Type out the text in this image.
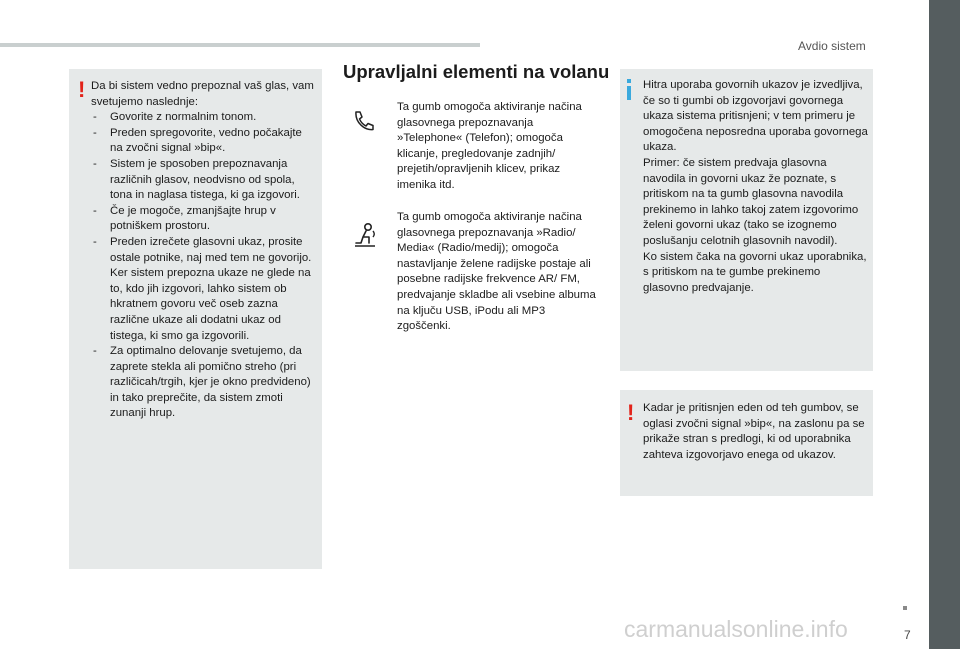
Avdio sistem
! Da bi sistem vedno prepoznal vaš glas, vam svetujemo naslednje:
- Govorite z normalnim tonom.
- Preden spregovorite, vedno počakajte na zvočni signal »bip«.
- Sistem je sposoben prepoznavanja različnih glasov, neodvisno od spola, tona in naglasa tistega, ki ga izgovori.
- Če je mogoče, zmanjšajte hrup v potniškem prostoru.
- Preden izrečete glasovni ukaz, prosite ostale potnike, naj med tem ne govorijo. Ker sistem prepozna ukaze ne glede na to, kdo jih izgovori, lahko sistem ob hkratnem govoru več oseb zazna različne ukaze ali dodatni ukaz od tistega, ki smo ga izgovorili.
- Za optimalno delovanje svetujemo, da zaprete stekla ali pomično streho (pri različicah/trgih, kjer je okno predvideno) in tako preprečite, da sistem zmoti zunanji hrup.
Upravljalni elementi na volanu
Ta gumb omogoča aktiviranje načina glasovnega prepoznavanja »Telephone« (Telefon); omogoča klicanje, pregledovanje zadnjih/ prejetih/opravljenih klicev, prikaz imenika itd.
Ta gumb omogoča aktiviranje načina glasovnega prepoznavanja »Radio/ Media« (Radio/medij); omogoča nastavljanje želene radijske postaje ali posebne radijske frekvence AR/ FM, predvajanje skladbe ali vsebine albuma na ključu USB, iPodu ali MP3 zgoščenki.
Hitra uporaba govornih ukazov je izvedljiva, če so ti gumbi ob izgovorjavi govornega ukaza sistema pritisnjeni; v tem primeru je omogočena neposredna uporaba govornega ukaza.
Primer: če sistem predvaja glasovna navodila in govorni ukaz že poznate, s pritiskom na ta gumb glasovna navodila prekinemo in lahko takoj zatem izgovorimo želeni govorni ukaz (tako se izognemo poslušanju celotnih glasovnih navodil).
Ko sistem čaka na govorni ukaz uporabnika, s pritiskom na te gumbe prekinemo glasovno predvajanje.
! Kadar je pritisnjen eden od teh gumbov, se oglasi zvočni signal »bip«, na zaslonu pa se prikaže stran s predlogi, ki od uporabnika zahteva izgovorjavo enega od ukazov.
7
carmanualsonline.info
